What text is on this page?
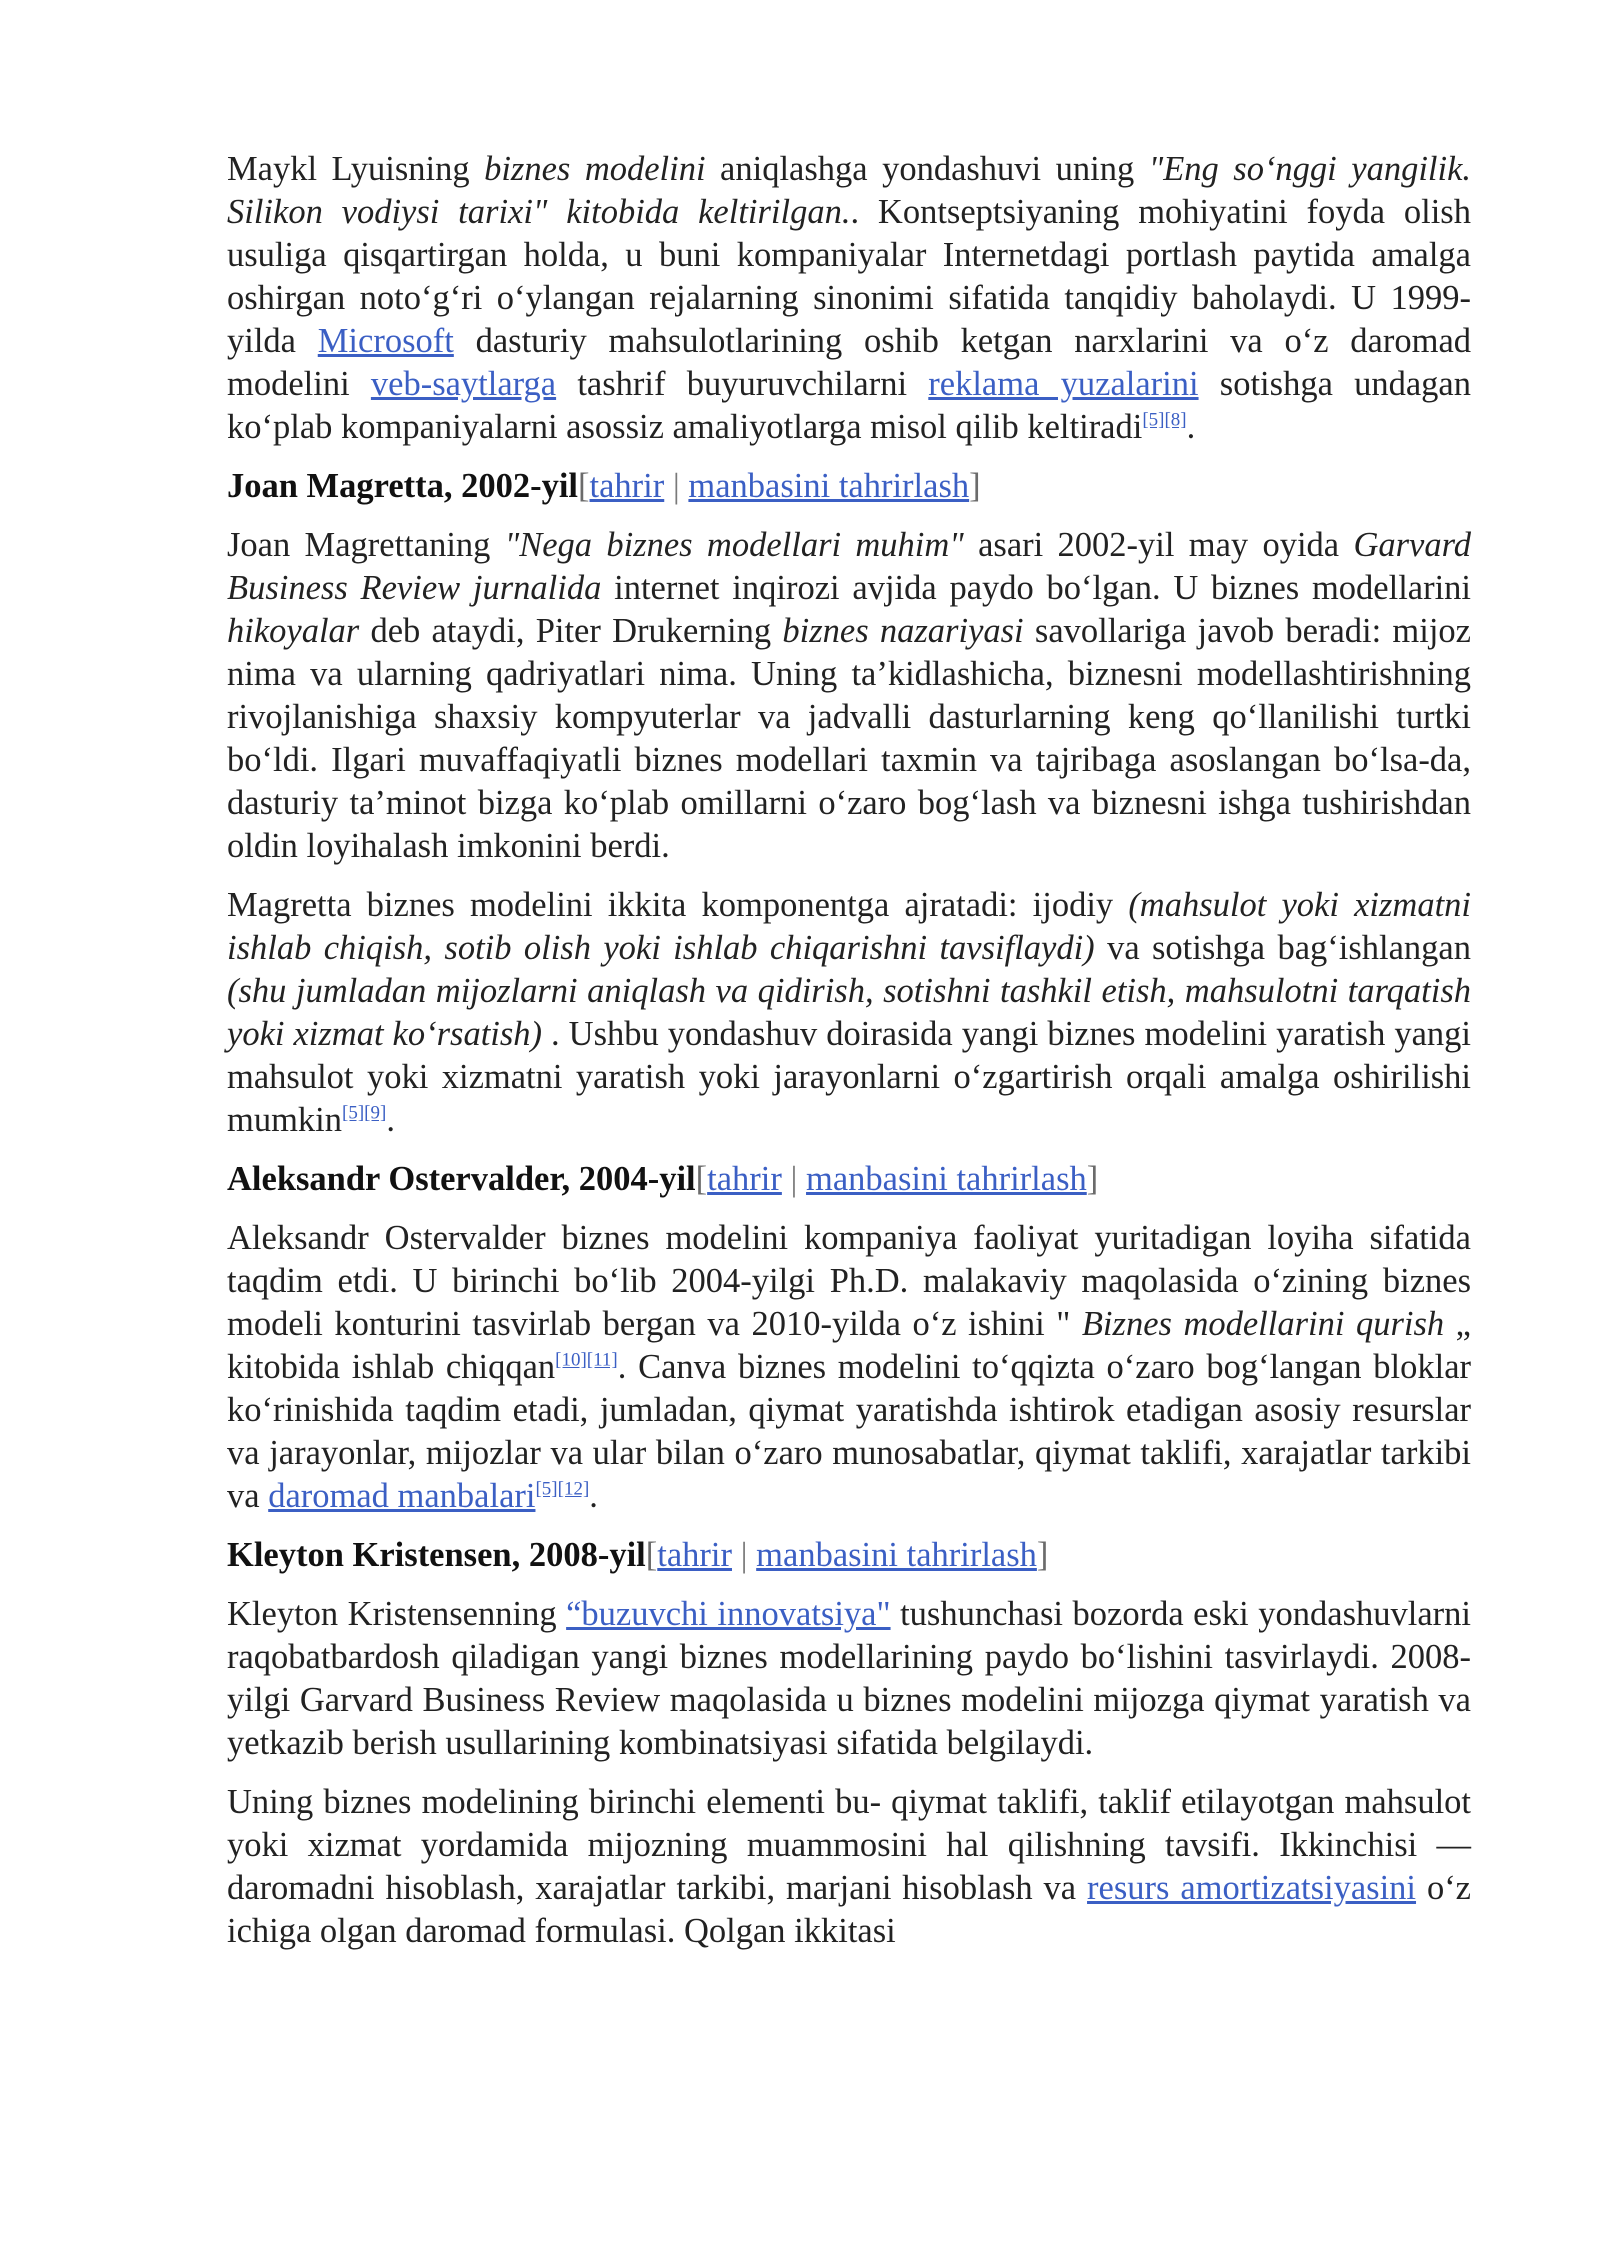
Maykl Lyuisning biznes modelini aniqlashga yondashuvi uning "Eng so‘nggi yangilik. Silikon vodiysi tarixi" kitobida keltirilgan.. Kontseptsiyaning mohiyatini foyda olish usuliga qisqartirgan holda, u buni kompaniyalar Internetdagi portlash paytida amalga oshirgan noto‘g‘ri o‘ylangan rejalarning sinonimi sifatida tanqidiy baholaydi. U 1999-yilda Microsoft dasturiy mahsulotlarining oshib ketgan narxlarini va o‘z daromad modelini veb-saytlarga tashrif buyuruvchilarni reklama yuzalarini sotishga undagan ko‘plab kompaniyalarni asossiz amaliyotlarga misol qilib keltiradi[5][8].

Joan Magretta, 2002-yil[tahrir | manbasini tahrirlash]

Joan Magrettaning "Nega biznes modellari muhim" asari 2002-yil may oyida Garvard Business Review jurnalida internet inqirozi avjida paydo bo‘lgan. U biznes modellarini hikoyalar deb ataydi, Piter Drukerning biznes nazariyasi savollariga javob beradi: mijoz nima va ularning qadriyatlari nima. Uning ta’kidlashicha, biznesni modellashtirishning rivojlanishiga shaxsiy kompyuterlar va jadvalli dasturlarning keng qo‘llanilishi turtki bo‘ldi. Ilgari muvaffaqiyatli biznes modellari taxmin va tajribaga asoslangan bo‘lsa-da, dasturiy ta’minot bizga ko‘plab omillarni o‘zaro bog‘lash va biznesni ishga tushirishdan oldin loyihalash imkonini berdi.

Magretta biznes modelini ikkita komponentga ajratadi: ijodiy (mahsulot yoki xizmatni ishlab chiqish, sotib olish yoki ishlab chiqarishni tavsiflaydi) va sotishga bag‘ishlangan (shu jumladan mijozlarni aniqlash va qidirish, sotishni tashkil etish, mahsulotni tarqatish yoki xizmat ko‘rsatish) . Ushbu yondashuv doirasida yangi biznes modelini yaratish yangi mahsulot yoki xizmatni yaratish yoki jarayonlarni o‘zgartirish orqali amalga oshirilishi mumkin[5][9].

Aleksandr Ostervalder, 2004-yil[tahrir | manbasini tahrirlash]

Aleksandr Ostervalder biznes modelini kompaniya faoliyat yuritadigan loyiha sifatida taqdim etdi. U birinchi bo‘lib 2004-yilgi Ph.D. malakaviy maqolasida o‘zining biznes modeli konturini tasvirlab bergan va 2010-yilda o‘z ishini " Biznes modellarini qurish „ kitobida ishlab chiqqan[10][11]. Canva biznes modelini to‘qqizta o‘zaro bog‘langan bloklar ko‘rinishida taqdim etadi, jumladan, qiymat yaratishda ishtirok etadigan asosiy resurslar va jarayonlar, mijozlar va ular bilan o‘zaro munosabatlar, qiymat taklifi, xarajatlar tarkibi va daromad manbalari[5][12].

Kleyton Kristensen, 2008-yil[tahrir | manbasini tahrirlash]

Kleyton Kristensenning “buzuvchi innovatsiya" tushunchasi bozorda eski yondashuvlarni raqobatbardosh qiladigan yangi biznes modellarining paydo bo‘lishini tasvirlaydi. 2008-yilgi Garvard Business Review maqolasida u biznes modelini mijozga qiymat yaratish va yetkazib berish usullarining kombinatsiyasi sifatida belgilaydi.

Uning biznes modelining birinchi elementi bu- qiymat taklifi, taklif etilayotgan mahsulot yoki xizmat yordamida mijozning muammosini hal qilishning tavsifi. Ikkinchisi — daromadni hisoblash, xarajatlar tarkibi, marjani hisoblash va resurs amortizatsiyasini o‘z ichiga olgan daromad formulasi. Qolgan ikkitasi
